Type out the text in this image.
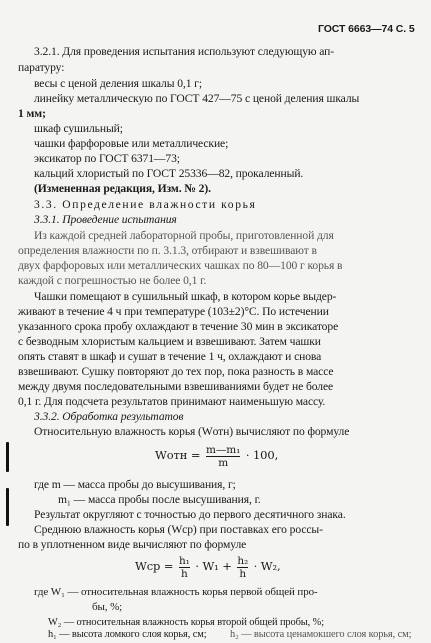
ГОСТ 6663—74 С. 5

3.2.1. Для проведения испытания используют следующую ап-

паратуру:

весы с ценой деления шкалы 0,1 г;

линейку металлическую по ГОСТ 427—75 с ценой деления шкалы

1 мм;

шкаф сушильный;

чашки фарфоровые или металлические;

эксикатор по ГОСТ 6371—73;

кальций хлористый по ГОСТ 25336—82, прокаленный.

(Измененная редакция, Изм. № 2).

3.3. Определение влажности корья

3.3.1. Проведение испытания

Из каждой средней лабораторной пробы, приготовленной для

определения влажности по п. 3.1.3, отбирают и взвешивают в

двух фарфоровых или металлических чашках по 80—100 г корья в

каждой с погрешностью не более 0,1 г.

Чашки помещают в сушильный шкаф, в котором корье выдер-

живают в течение 4 ч при температуре (103±2)°С. По истечении

указанного срока пробу охлаждают в течение 30 мин в эксикаторе

с безводным хлористым кальцием и взвешивают. Затем чашки

опять ставят в шкаф и сушат в течение 1 ч, охлаждают и снова

взвешивают. Сушку повторяют до тех пор, пока разность в массе

между двумя последовательными взвешиваниями будет не более

0,1 г. Для подсчета результатов принимают наименьшую массу.

3.3.2. Обработка результатов

Относительную влажность корья (Wотн) вычисляют по формуле

Wотн = $\frac{\text{m—m₁}}{m} \cdot 100$,

где m — масса пробы до высушивания, г;

m₁ — масса пробы после высушивания, г.

Результат округляют с точностью до первого десятичного знака.

Среднюю влажность корья (Wср) при поставках его россы-

по в уплотненном виде вычисляют по формуле

Wср = $\frac{\text{h₁}}{h} \cdot W_1 + \frac{\text{h₂}}{h} \cdot W_2$,

где W₁ — относительная влажность корья первой общей про-

бы, %;

W₂ — относительная влажность корья второй общей пробы, %;

h₁ — высота ломкого слоя корья, см; h₂ — высота ценамокшего слоя корья, см;
